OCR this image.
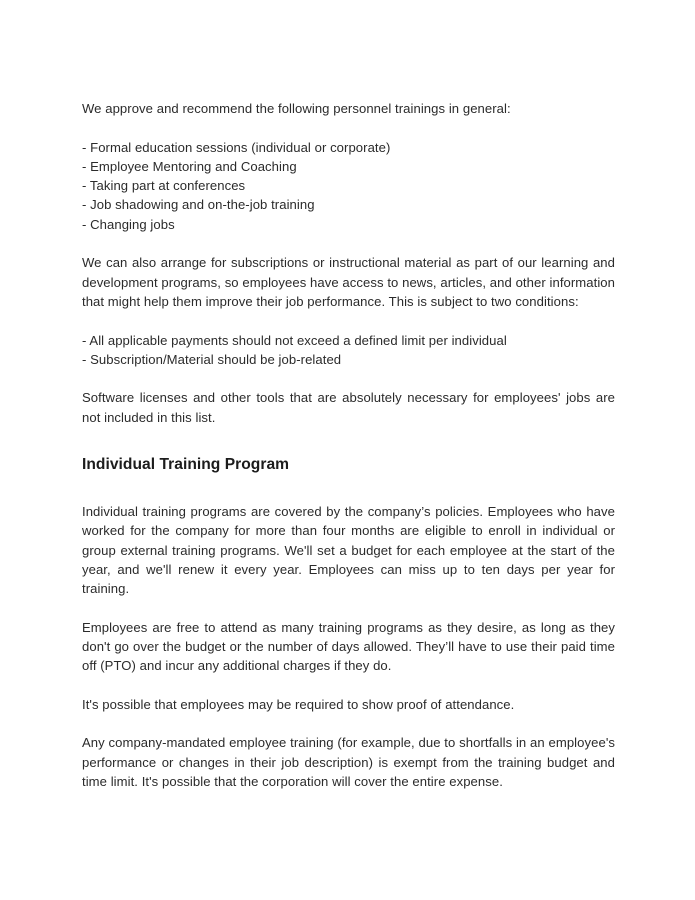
We approve and recommend the following personnel trainings in general:

- Formal education sessions (individual or corporate)
- Employee Mentoring and Coaching
- Taking part at conferences
- Job shadowing and on-the-job training
- Changing jobs

We can also arrange for subscriptions or instructional material as part of our learning and development programs, so employees have access to news, articles, and other information that might help them improve their job performance. This is subject to two conditions:

- All applicable payments should not exceed a defined limit per individual
- Subscription/Material should be job-related

Software licenses and other tools that are absolutely necessary for employees' jobs are not included in this list.

Individual Training Program

Individual training programs are covered by the company’s policies. Employees who have worked for the company for more than four months are eligible to enroll in individual or group external training programs. We'll set a budget for each employee at the start of the year, and we'll renew it every year. Employees can miss up to ten days per year for training.

Employees are free to attend as many training programs as they desire, as long as they don't go over the budget or the number of days allowed. They’ll have to use their paid time off (PTO) and incur any additional charges if they do.

It's possible that employees may be required to show proof of attendance.

Any company-mandated employee training (for example, due to shortfalls in an employee's performance or changes in their job description) is exempt from the training budget and time limit. It's possible that the corporation will cover the entire expense.
